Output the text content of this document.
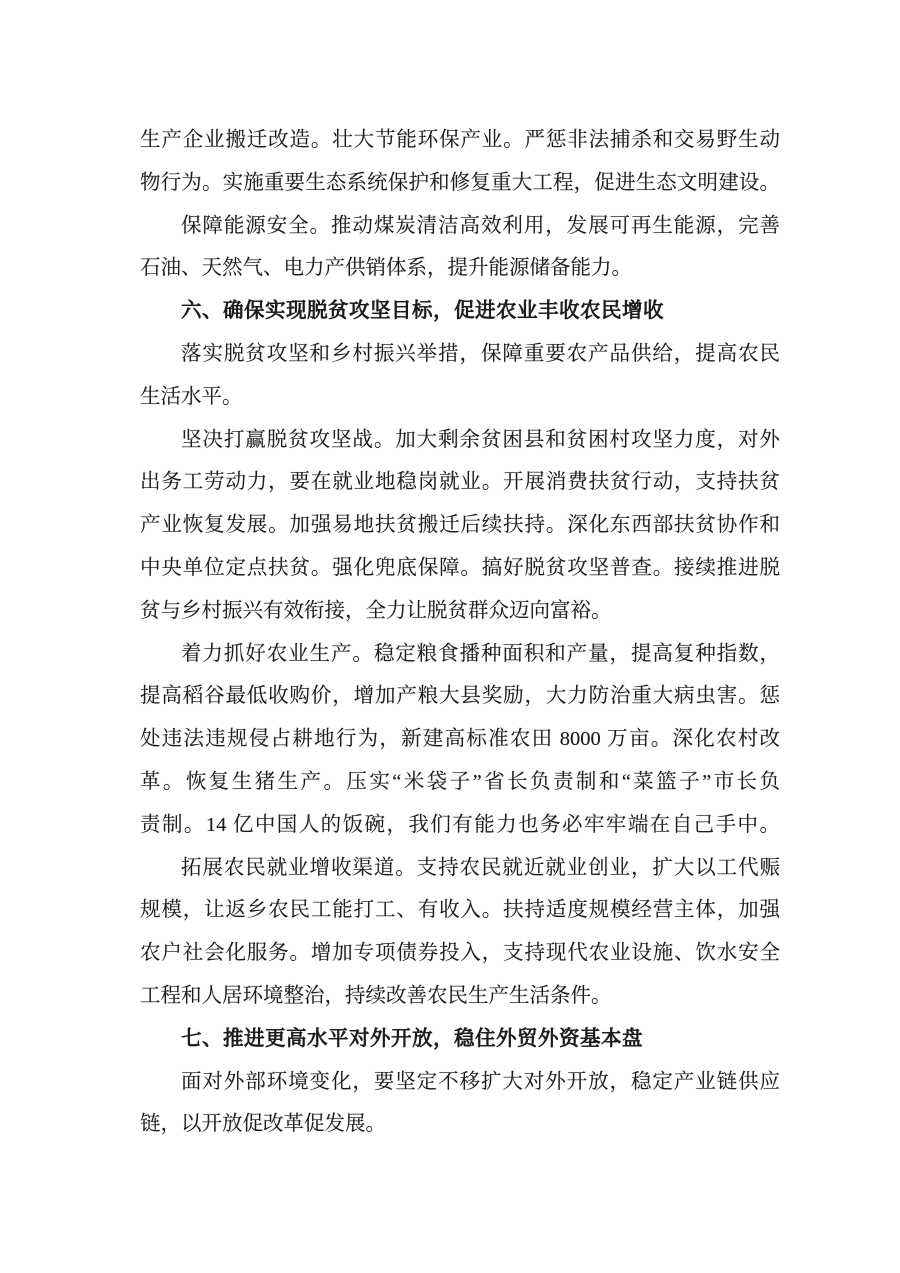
生产企业搬迁改造。壮大节能环保产业。严惩非法捕杀和交易野生动
物行为。实施重要生态系统保护和修复重大工程，促进生态文明建设。
保障能源安全。推动煤炭清洁高效利用，发展可再生能源，完善
石油、天然气、电力产供销体系，提升能源储备能力。
六、确保实现脱贫攻坚目标，促进农业丰收农民增收
落实脱贫攻坚和乡村振兴举措，保障重要农产品供给，提高农民
生活水平。
坚决打赢脱贫攻坚战。加大剩余贫困县和贫困村攻坚力度，对外
出务工劳动力，要在就业地稳岗就业。开展消费扶贫行动，支持扶贫
产业恢复发展。加强易地扶贫搬迁后续扶持。深化东西部扶贫协作和
中央单位定点扶贫。强化兜底保障。搞好脱贫攻坚普查。接续推进脱
贫与乡村振兴有效衔接，全力让脱贫群众迈向富裕。
着力抓好农业生产。稳定粮食播种面积和产量，提高复种指数，
提高稻谷最低收购价，增加产粮大县奖励，大力防治重大病虫害。惩
处违法违规侵占耕地行为，新建高标准农田 8000 万亩。深化农村改
革。恢复生猪生产。压实“米袋子”省长负责制和“菜篮子”市长负
责制。14 亿中国人的饭碗，我们有能力也务必牢牢端在自己手中。
拓展农民就业增收渠道。支持农民就近就业创业，扩大以工代赈
规模，让返乡农民工能打工、有收入。扶持适度规模经营主体，加强
农户社会化服务。增加专项债券投入，支持现代农业设施、饮水安全
工程和人居环境整治，持续改善农民生产生活条件。
七、推进更高水平对外开放，稳住外贸外资基本盘
面对外部环境变化，要坚定不移扩大对外开放，稳定产业链供应
链，以开放促改革促发展。
